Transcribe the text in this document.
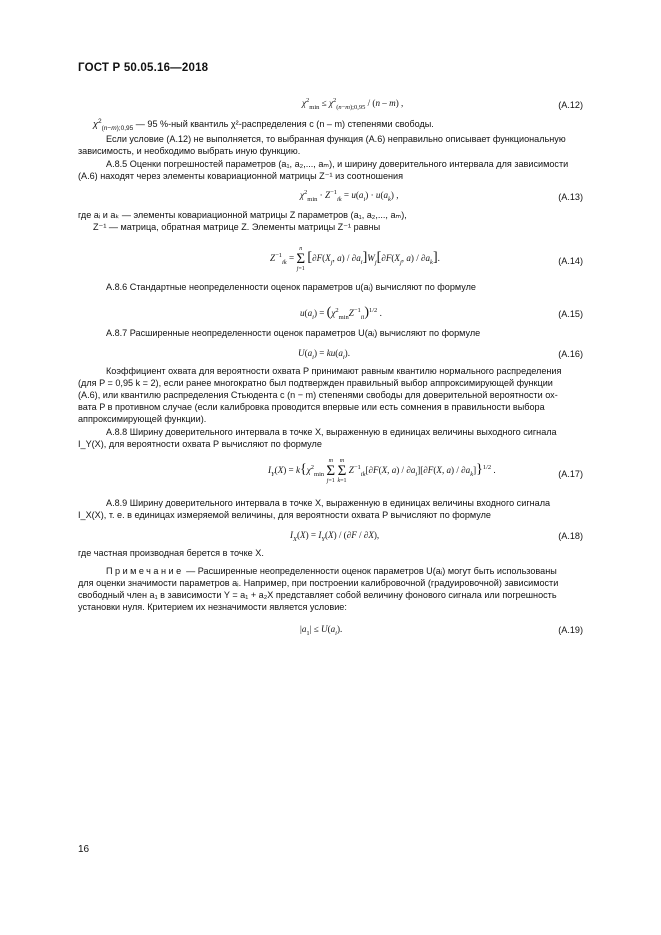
ГОСТ Р 50.05.16—2018
$\chi^2_{min} \le \chi^2_{(n-m);0,95} / (n - m)$ ,	(А.12)
$\chi^2_{(n-m);0,95}$ — 95 %-ный квантиль χ²-распределения с (n – m) степенями свободы.
Если условие (А.12) не выполняется, то выбранная функция (А.6) неправильно описывает функциональную
зависимость, и необходимо выбрать иную функцию.
А.8.5 Оценки погрешностей параметров (a₁, a₂,..., aₘ), и ширину доверительного интервала для зависимости
(А.6) находят через элементы ковариационной матрицы Z⁻¹ из соотношения
$\chi^2_{min} \cdot Z^{-1}_{ik} = u(a_i) \cdot u(a_k)$ ,	(А.13)
где aᵢ и aₖ — элементы ковариационной матрицы Z параметров (a₁, a₂,..., aₘ),
Z⁻¹ — матрица, обратная матрице Z. Элементы матрицы Z⁻¹ равны
$Z^{-1}_{ik}$ =
n
Σ
j=1
[$\partial F(X_j$, $a) / \partial a_i]W_j[\partial F(X_j$, $a) / \partial a_k$].	(А.14)
А.8.6 Стандартные неопределенности оценок параметров u(aᵢ) вычисляют по формуле
$u(a_i) = (\chi^2_{min}Z^{-1}_{ii})^{1/2}$ .	(А.15)
А.8.7 Расширенные неопределенности оценок параметров U(aᵢ) вычисляют по формуле
$U(a_i) = ku(a_i)$.	(А.16)
Коэффициент охвата для вероятности охвата P принимают равным квантилю нормального распределения
(для P = 0,95 k = 2), если ранее многократно был подтвержден правильный выбор аппроксимирующей функции
(А.6), или квантилю распределения Стьюдента с (n − m) степенями свободы для доверительной вероятности ох-
вата P в противном случае (если калибровка проводится впервые или есть сомнения в правильности выбора
аппроксимирующей функции).
А.8.8 Ширину доверительного интервала в точке X, выраженную в единицах величины выходного сигнала
I_Y(X), для вероятности охвата P вычисляют по формуле
$I_Y(X) = k\{\chi^2_{min}$
m
Σ
j=1

m
Σ
k=1
$Z^{-1}_{ik}[\partial F(X$, $a) / \partial a_i][\partial F(X$, $a) / \partial a_k]\}^{1/2}$ .	(А.17)
А.8.9 Ширину доверительного интервала в точке X, выраженную в единицах величины входного сигнала
I_X(X), т. е. в единицах измеряемой величины, для вероятности охвата P вычисляют по формуле
$I_X(X) = I_Y(X) / (\partial F / \partial X)$,	(А.18)
где частная производная берется в точке X.
Примечание — Расширенные неопределенности оценок параметров U(aᵢ) могут быть использованы
для оценки значимости параметров aᵢ. Например, при построении калибровочной (градуировочной) зависимости
свободный член a₁ в зависимости Y = a₁ + a₂X представляет собой величину фонового сигнала или погрешность
установки нуля. Критерием их незначимости является условие:
$|a_1| \le U(a_i)$.	(А.19)
16
